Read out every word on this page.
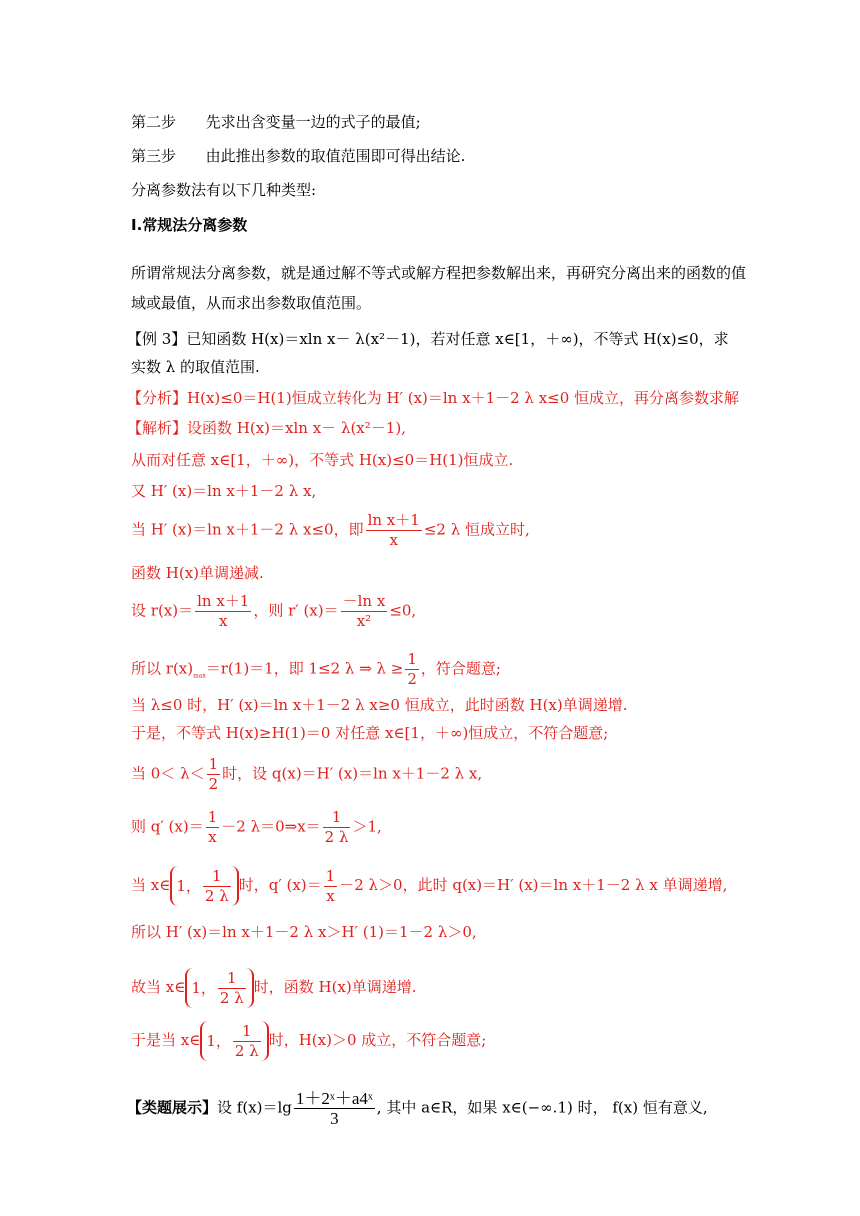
第二步 先求出含变量一边的式子的最值;
第三步 由此推出参数的取值范围即可得出结论.
分离参数法有以下几种类型:
I.常规法分离参数
所谓常规法分离参数，就是通过解不等式或解方程把参数解出来，再研究分离出来的函数的值
域或最值，从而求出参数取值范围。
【例 3】已知函数 H(x)＝xln x－ λ(x²－1)，若对任意 x∈[1，＋∞)，不等式 H(x)≤0，求
实数 λ 的取值范围.
【分析】H(x)≤0＝H(1)恒成立转化为 H′ (x)＝ln x＋1－2 λ x≤0 恒成立，再分离参数求解
【解析】设函数 H(x)＝xln x－ λ(x²－1),
从而对任意 x∈[1，＋∞)，不等式 H(x)≤0＝H(1)恒成立.
又 H′ (x)＝ln x＋1－2 λ x,
当 H′ (x)＝ln x＋1－2 λ x≤0，即 $\frac{\text{ln x＋1}}{x} \le 2$ λ 恒成立时,
函数 H(x)单调递减.
设 $r(x)= \frac{\text{ln x＋1}}{x}$ ，则 r′ $(x)= \frac{\text{－ln x}}{\text{x²}} \le 0$,
所以 $r(x)_{max}=r(1)=1$，即 1≤2 λ ⇒ $\lambda \ge \frac{1}{2}$ ，符合题意;
当 λ≤0 时，H′ (x)＝ln x＋1－2 λ x≥0 恒成立，此时函数 H(x)单调递增.
于是，不等式 H(x)≥H(1)＝0 对任意 x∈[1，＋∞)恒成立，不符合题意;
当 $0< \lambda< \frac{1}{2}$ 时，设 q(x)＝H′ (x)＝ln x＋1－2 λ x,
则 q′ $(x)= \frac{1}{x} -2$ λ＝0⇒x＝ $\frac{1}{2 \lambda} >1$,
当 x∈ 1， $\frac{1}{2 \lambda}$ 时，q′ $(x)= \frac{1}{x} -2$ λ＞0，此时 q(x)＝H′ (x)＝ln x＋1－2 λ x 单调递增,
所以 H′ (x)＝ln x＋1－2 λ x＞H′ (1)＝1－2 λ＞0,
故当 x∈ 1， $\frac{1}{2 \lambda}$ 时，函数 H(x)单调递增.
于是当 x∈ 1， $\frac{1}{2 \lambda}$ 时，H(x)＞0 成立，不符合题意;
【类题展示】设 $f(x)=\lg \frac{\text{1＋2ˣ＋a4ˣ}}{3}$ , 其中 a∈R，如果 x∈(−∞.1) 时， f(x) 恒有意义,
